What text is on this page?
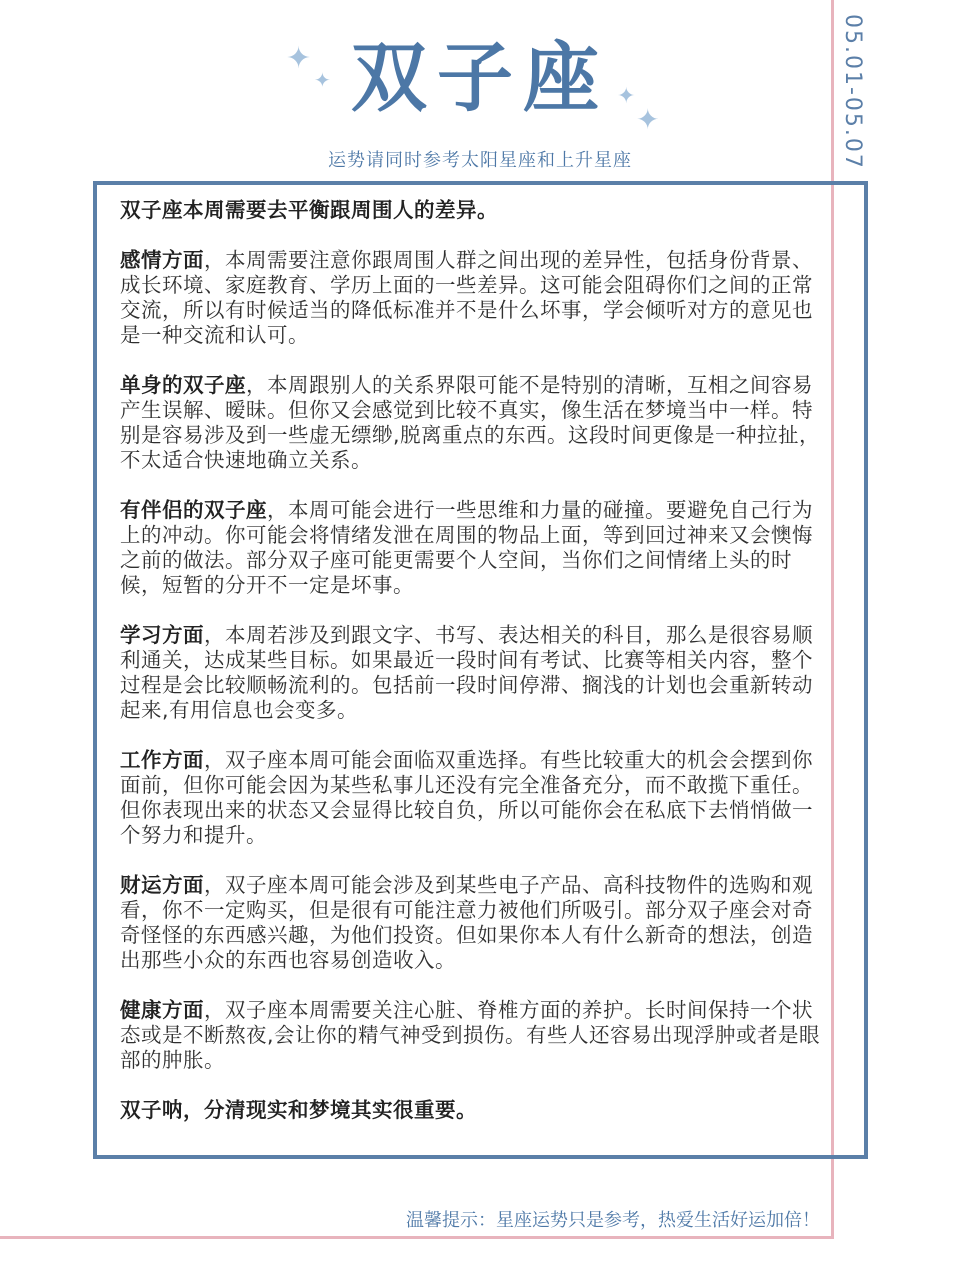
05.01-05.07
✦
✦
✦
✦
双子座
运势请同时参考太阳星座和上升星座

双子座本周需要去平衡跟周围人的差异。

感情方面，本周需要注意你跟周围人群之间出现的差异性，包括身份背景、成长环境、家庭教育、学历上面的一些差异。这可能会阻碍你们之间的正常交流，所以有时候适当的降低标准并不是什么坏事，学会倾听对方的意见也是一种交流和认可。

单身的双子座，本周跟别人的关系界限可能不是特别的清晰，互相之间容易产生误解、暧昧。但你又会感觉到比较不真实，像生活在梦境当中一样。特别是容易涉及到一些虚无缥缈,脱离重点的东西。这段时间更像是一种拉扯，不太适合快速地确立关系。

有伴侣的双子座，本周可能会进行一些思维和力量的碰撞。要避免自己行为上的冲动。你可能会将情绪发泄在周围的物品上面，等到回过神来又会懊悔之前的做法。部分双子座可能更需要个人空间，当你们之间情绪上头的时候，短暂的分开不一定是坏事。

学习方面，本周若涉及到跟文字、书写、表达相关的科目，那么是很容易顺利通关，达成某些目标。如果最近一段时间有考试、比赛等相关内容，整个过程是会比较顺畅流利的。包括前一段时间停滞、搁浅的计划也会重新转动起来,有用信息也会变多。

工作方面，双子座本周可能会面临双重选择。有些比较重大的机会会摆到你面前，但你可能会因为某些私事儿还没有完全准备充分，而不敢揽下重任。但你表现出来的状态又会显得比较自负，所以可能你会在私底下去悄悄做一个努力和提升。

财运方面，双子座本周可能会涉及到某些电子产品、高科技物件的选购和观看，你不一定购买，但是很有可能注意力被他们所吸引。部分双子座会对奇奇怪怪的东西感兴趣，为他们投资。但如果你本人有什么新奇的想法，创造出那些小众的东西也容易创造收入。

健康方面，双子座本周需要关注心脏、脊椎方面的养护。长时间保持一个状态或是不断熬夜,会让你的精气神受到损伤。有些人还容易出现浮肿或者是眼部的肿胀。

双子呐，分清现实和梦境其实很重要。

温馨提示：星座运势只是参考，热爱生活好运加倍！
